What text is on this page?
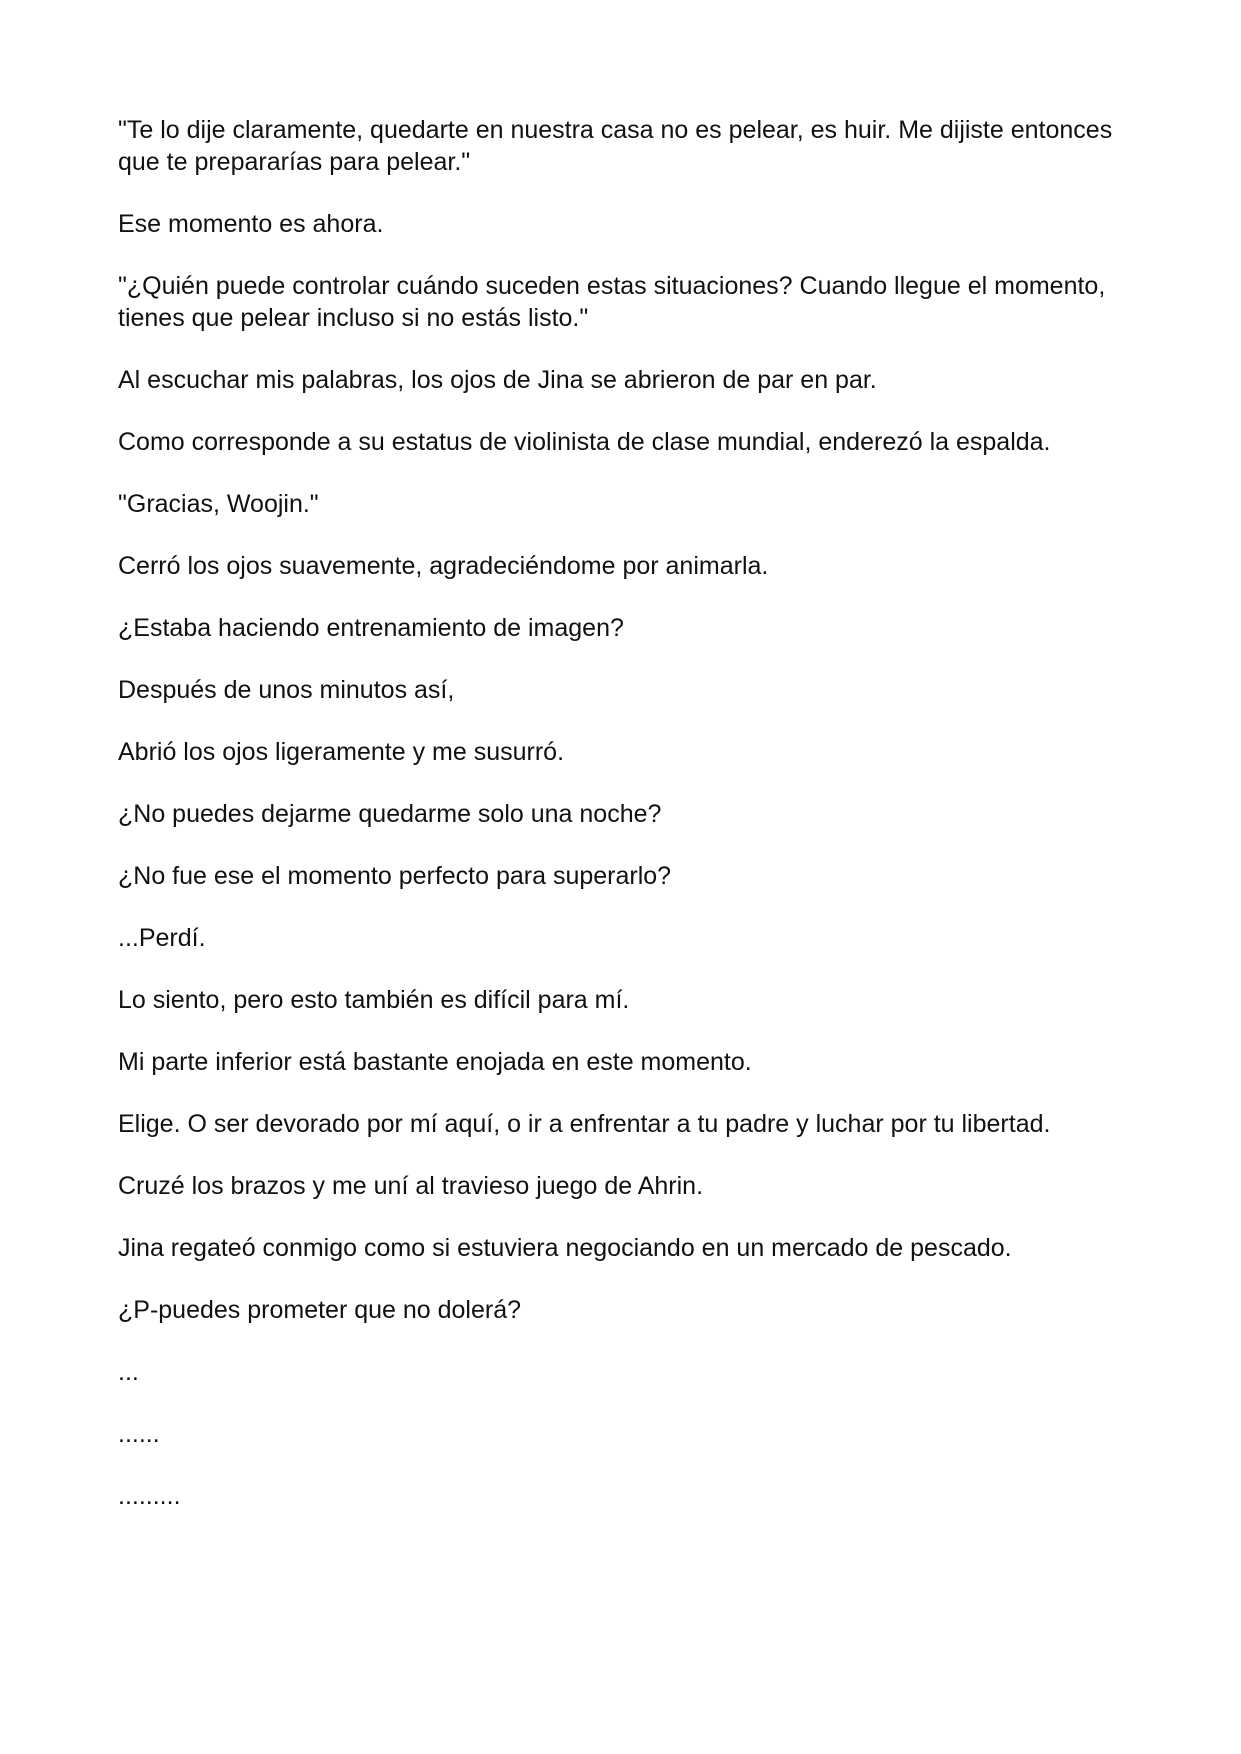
"Te lo dije claramente, quedarte en nuestra casa no es pelear, es huir. Me dijiste entonces que te prepararías para pelear."

Ese momento es ahora.

"¿Quién puede controlar cuándo suceden estas situaciones? Cuando llegue el momento, tienes que pelear incluso si no estás listo."

Al escuchar mis palabras, los ojos de Jina se abrieron de par en par.

Como corresponde a su estatus de violinista de clase mundial, enderezó la espalda.

"Gracias, Woojin."

Cerró los ojos suavemente, agradeciéndome por animarla.

¿Estaba haciendo entrenamiento de imagen?

Después de unos minutos así,

Abrió los ojos ligeramente y me susurró.

¿No puedes dejarme quedarme solo una noche?

¿No fue ese el momento perfecto para superarlo?

...Perdí.

Lo siento, pero esto también es difícil para mí.

Mi parte inferior está bastante enojada en este momento.

Elige. O ser devorado por mí aquí, o ir a enfrentar a tu padre y luchar por tu libertad.

Cruzé los brazos y me uní al travieso juego de Ahrin.

Jina regateó conmigo como si estuviera negociando en un mercado de pescado.

¿P-puedes prometer que no dolerá?

...

......

.........
